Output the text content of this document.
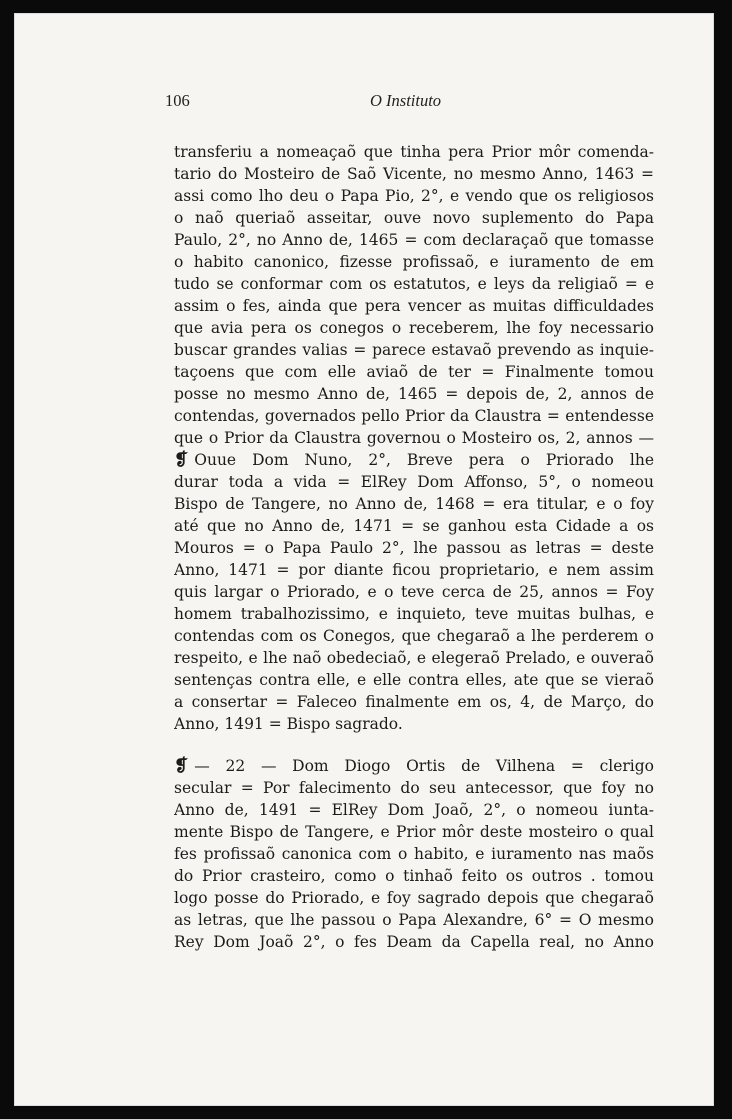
106	O Instituto
transferiu a nomeaçaõ que tinha pera Prior môr comenda-
tario do Mosteiro de Saõ Vicente, no mesmo Anno, 1463 =
assi como lho deu o Papa Pio, 2°, e vendo que os religiosos
o naõ queriaõ asseitar, ouve novo suplemento do Papa
Paulo, 2°, no Anno de, 1465 = com declaraçaõ que tomasse
o habito canonico, fizesse profissaõ, e iuramento de em
tudo se conformar com os estatutos, e leys da religiaõ = e
assim o fes, ainda que pera vencer as muitas difficuldades
que avia pera os conegos o receberem, lhe foy necessario
buscar grandes valias = parece estavaõ prevendo as inquie-
taçoens que com elle aviaõ de ter = Finalmente tomou
posse no mesmo Anno de, 1465 = depois de, 2, annos de
contendas, governados pello Prior da Claustra = entendesse
que o Prior da Claustra governou o Mosteiro os, 2, annos —
❡ Ouue Dom Nuno, 2°, Breve pera o Priorado lhe
durar toda a vida = ElRey Dom Affonso, 5°, o nomeou
Bispo de Tangere, no Anno de, 1468 = era titular, e o foy
até que no Anno de, 1471 = se ganhou esta Cidade a os
Mouros = o Papa Paulo 2°, lhe passou as letras = deste
Anno, 1471 = por diante ficou proprietario, e nem assim
quis largar o Priorado, e o teve cerca de 25, annos = Foy
homem trabalhozissimo, e inquieto, teve muitas bulhas, e
contendas com os Conegos, que chegaraõ a lhe perderem o
respeito, e lhe naõ obedeciaõ, e elegeraõ Prelado, e ouveraõ
sentenças contra elle, e elle contra elles, ate que se vieraõ
a consertar = Faleceo finalmente em os, 4, de Março, do
Anno, 1491 = Bispo sagrado.
❡ — 22 — Dom Diogo Ortis de Vilhena = clerigo
secular = Por falecimento do seu antecessor, que foy no
Anno de, 1491 = ElRey Dom Joaõ, 2°, o nomeou iunta-
mente Bispo de Tangere, e Prior môr deste mosteiro o qual
fes profissaõ canonica com o habito, e iuramento nas maõs
do Prior crasteiro, como o tinhaõ feito os outros . tomou
logo posse do Priorado, e foy sagrado depois que chegaraõ
as letras, que lhe passou o Papa Alexandre, 6° = O mesmo
Rey Dom Joaõ 2°, o fes Deam da Capella real, no Anno
